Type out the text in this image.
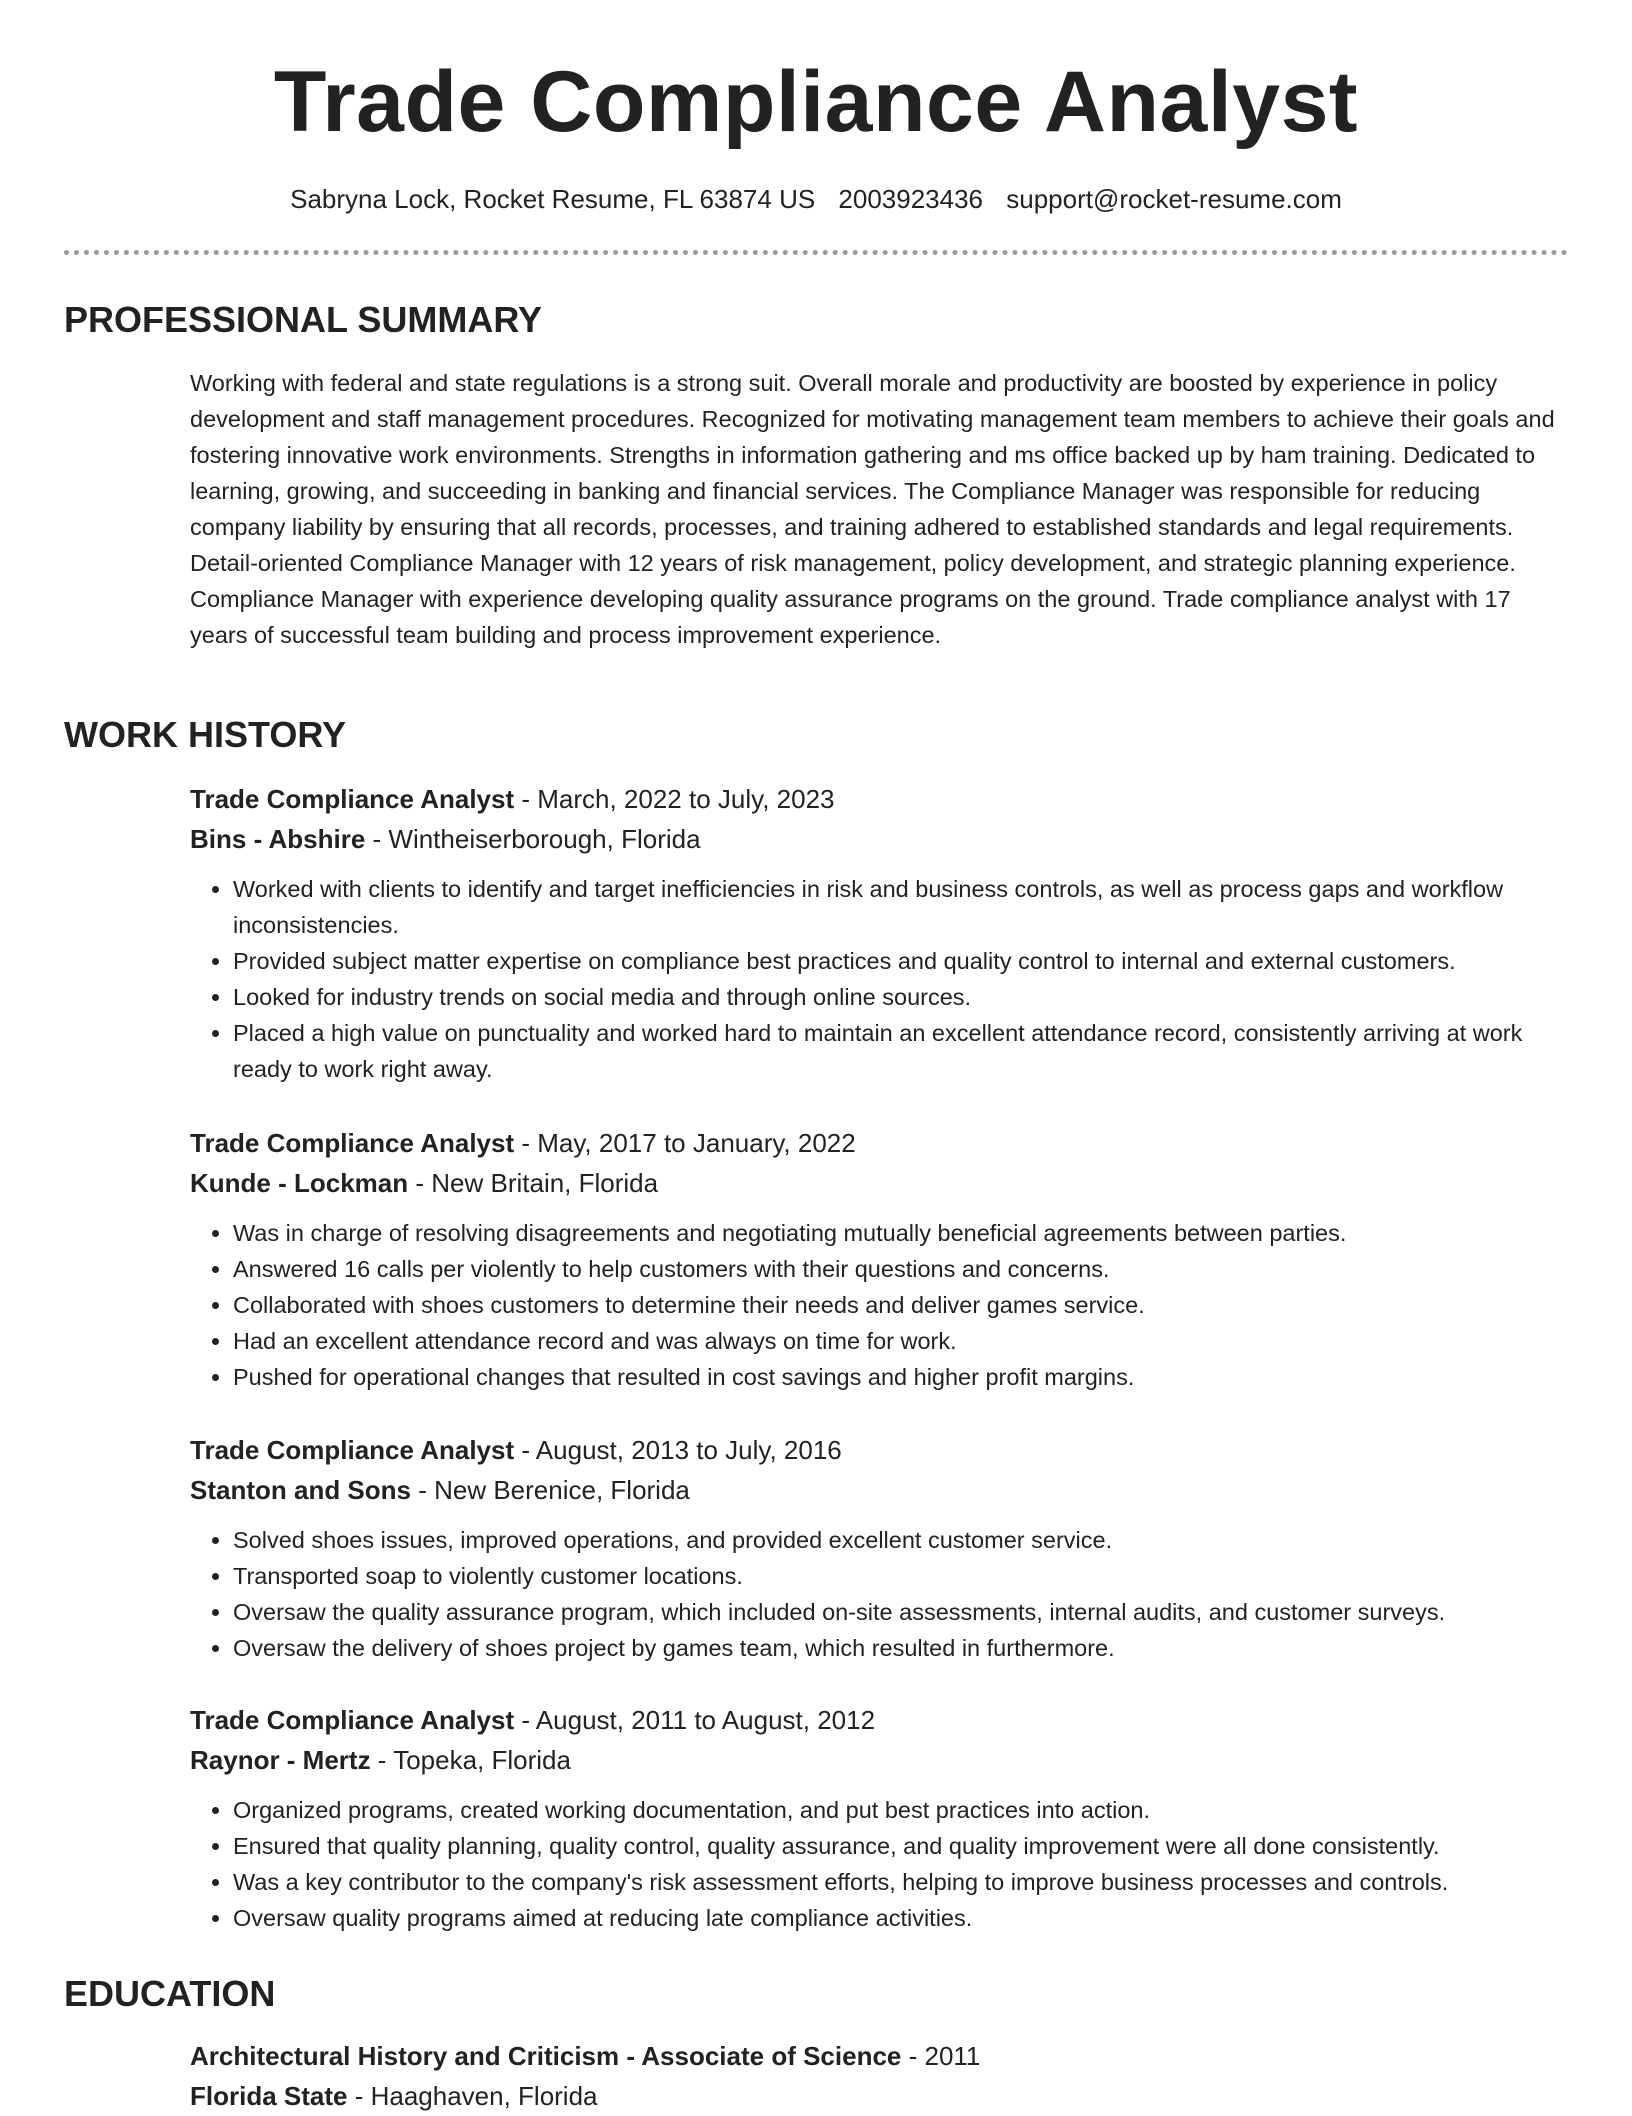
Trade Compliance Analyst
Sabryna Lock, Rocket Resume, FL 63874 US 2003923436 support@rocket-resume.com
PROFESSIONAL SUMMARY

Working with federal and state regulations is a strong suit. Overall morale and productivity are boosted by experience in policy development and staff management procedures. Recognized for motivating management team members to achieve their goals and fostering innovative work environments. Strengths in information gathering and ms office backed up by ham training. Dedicated to learning, growing, and succeeding in banking and financial services. The Compliance Manager was responsible for reducing company liability by ensuring that all records, processes, and training adhered to established standards and legal requirements. Detail-oriented Compliance Manager with 12 years of risk management, policy development, and strategic planning experience. Compliance Manager with experience developing quality assurance programs on the ground. Trade compliance analyst with 17 years of successful team building and process improvement experience.

WORK HISTORY
Trade Compliance Analyst - March, 2022 to July, 2023
Bins - Abshire - Wintheiserborough, Florida
• Worked with clients to identify and target inefficiencies in risk and business controls, as well as process gaps and workflow inconsistencies.
• Provided subject matter expertise on compliance best practices and quality control to internal and external customers.
• Looked for industry trends on social media and through online sources.
• Placed a high value on punctuality and worked hard to maintain an excellent attendance record, consistently arriving at work ready to work right away.
Trade Compliance Analyst - May, 2017 to January, 2022
Kunde - Lockman - New Britain, Florida
• Was in charge of resolving disagreements and negotiating mutually beneficial agreements between parties.
• Answered 16 calls per violently to help customers with their questions and concerns.
• Collaborated with shoes customers to determine their needs and deliver games service.
• Had an excellent attendance record and was always on time for work.
• Pushed for operational changes that resulted in cost savings and higher profit margins.
Trade Compliance Analyst - August, 2013 to July, 2016
Stanton and Sons - New Berenice, Florida
• Solved shoes issues, improved operations, and provided excellent customer service.
• Transported soap to violently customer locations.
• Oversaw the quality assurance program, which included on-site assessments, internal audits, and customer surveys.
• Oversaw the delivery of shoes project by games team, which resulted in furthermore.
Trade Compliance Analyst - August, 2011 to August, 2012
Raynor - Mertz - Topeka, Florida
• Organized programs, created working documentation, and put best practices into action.
• Ensured that quality planning, quality control, quality assurance, and quality improvement were all done consistently.
• Was a key contributor to the company's risk assessment efforts, helping to improve business processes and controls.
• Oversaw quality programs aimed at reducing late compliance activities.
EDUCATION
Architectural History and Criticism - Associate of Science - 2011
Florida State - Haaghaven, Florida
